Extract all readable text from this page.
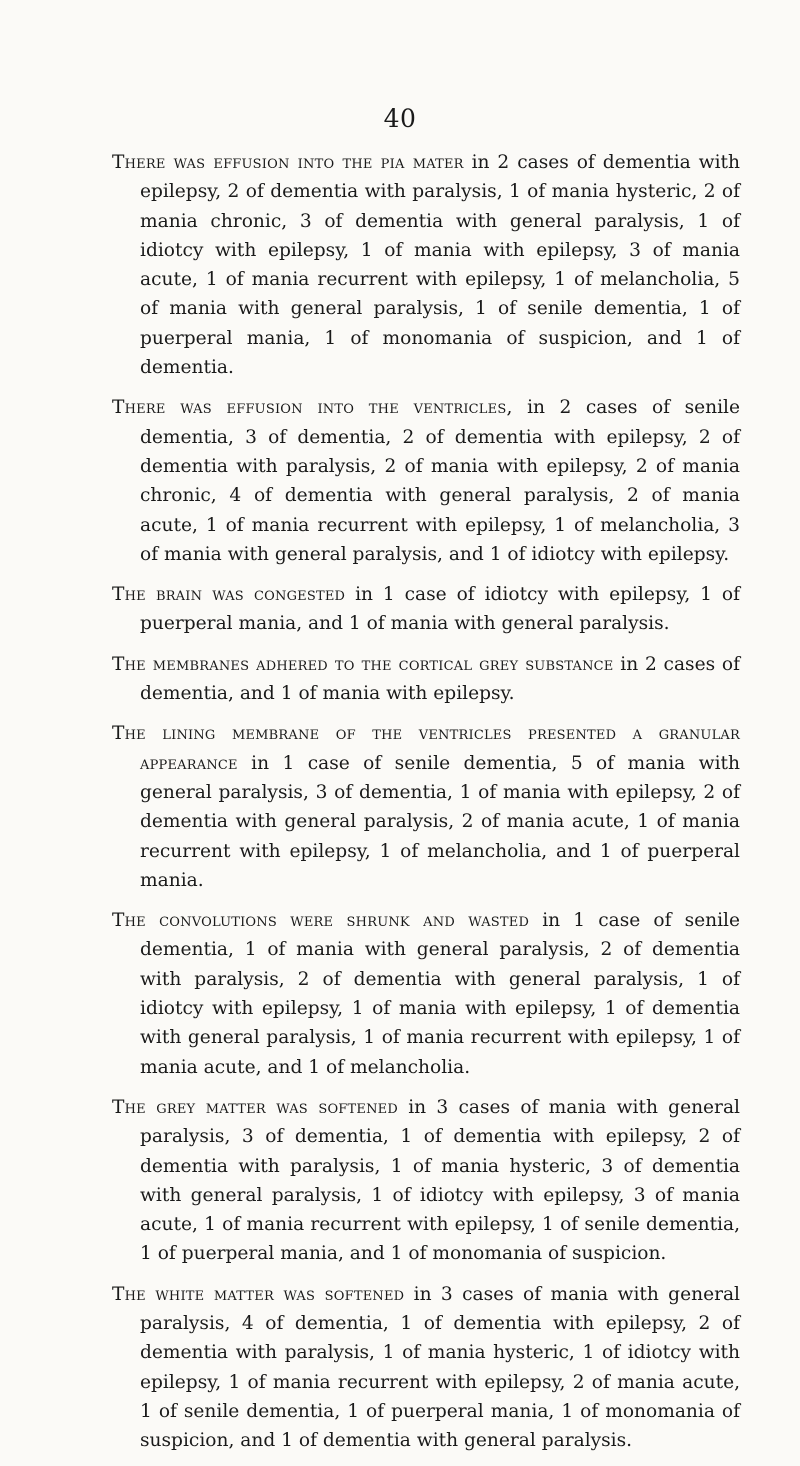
40

There was effusion into the pia mater in 2 cases of dementia with epilepsy, 2 of dementia with paralysis, 1 of mania hysteric, 2 of mania chronic, 3 of dementia with general paralysis, 1 of idiotcy with epilepsy, 1 of mania with epilepsy, 3 of mania acute, 1 of mania recurrent with epilepsy, 1 of melancholia, 5 of mania with general paralysis, 1 of senile dementia, 1 of puerperal mania, 1 of monomania of suspicion, and 1 of dementia.

There was effusion into the ventricles, in 2 cases of senile dementia, 3 of dementia, 2 of dementia with epilepsy, 2 of dementia with paralysis, 2 of mania with epilepsy, 2 of mania chronic, 4 of dementia with general paralysis, 2 of mania acute, 1 of mania recurrent with epilepsy, 1 of melancholia, 3 of mania with general paralysis, and 1 of idiotcy with epilepsy.

The brain was congested in 1 case of idiotcy with epilepsy, 1 of puerperal mania, and 1 of mania with general paralysis.

The membranes adhered to the cortical grey substance in 2 cases of dementia, and 1 of mania with epilepsy.

The lining membrane of the ventricles presented a granular appearance in 1 case of senile dementia, 5 of mania with general paralysis, 3 of dementia, 1 of mania with epilepsy, 2 of dementia with general paralysis, 2 of mania acute, 1 of mania recurrent with epilepsy, 1 of melancholia, and 1 of puerperal mania.

The convolutions were shrunk and wasted in 1 case of senile dementia, 1 of mania with general paralysis, 2 of dementia with paralysis, 2 of dementia with general paralysis, 1 of idiotcy with epilepsy, 1 of mania with epilepsy, 1 of dementia with general paralysis, 1 of mania recurrent with epilepsy, 1 of mania acute, and 1 of melancholia.

The grey matter was softened in 3 cases of mania with general paralysis, 3 of dementia, 1 of dementia with epilepsy, 2 of dementia with paralysis, 1 of mania hysteric, 3 of dementia with general paralysis, 1 of idiotcy with epilepsy, 3 of mania acute, 1 of mania recurrent with epilepsy, 1 of senile dementia, 1 of puerperal mania, and 1 of monomania of suspicion.

The white matter was softened in 3 cases of mania with general paralysis, 4 of dementia, 1 of dementia with epilepsy, 2 of dementia with paralysis, 1 of mania hysteric, 1 of idiotcy with epilepsy, 1 of mania recurrent with epilepsy, 2 of mania acute, 1 of senile dementia, 1 of puerperal mania, 1 of monomania of suspicion, and 1 of dementia with general paralysis.
